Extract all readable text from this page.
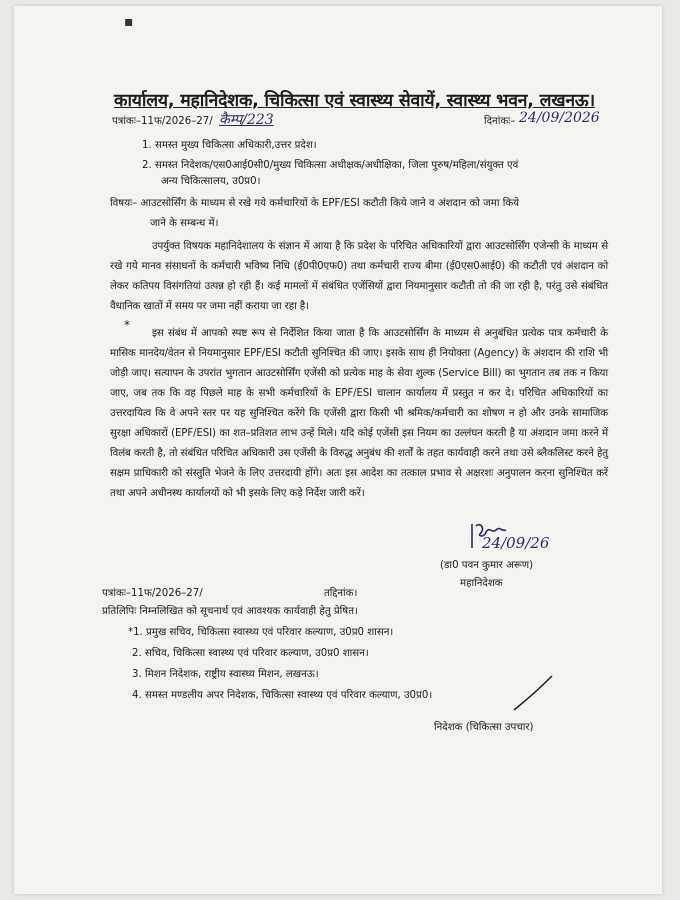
▪
कार्यालय, महानिदेशक, चिकित्सा एवं स्वास्थ्य सेवायें, स्वास्थ्य भवन, लखनऊ।
पत्रांकः–11फ/2026–27/ कैम्प/223	दिनांकः– 24/09/2026
1. समस्त मुख्य चिकित्सा अधिकारी,उत्तर प्रदेश।
2. समस्त निदेशक/एस0आई0सी0/मुख्य चिकित्सा अधीक्षक/अधीक्षिका, जिला पुरुष/महिला/संयुक्त एवं
अन्य चिकित्सालय, उ0प्र0।
विषयः– आउटसोर्सिंग के माध्यम से रखे गये कर्मचारियों के EPF/ESI कटौती किये जाने व अंशदान को जमा किये
जाने के सम्बन्ध में।
उपर्युक्त विषयक महानिदेशालय के संज्ञान में आया है कि प्रदेश के परिचित अधिकारियों द्वारा आउटसोर्सिंग एजेन्सी के माध्यम से रखे गये मानव संसाधनों के कर्मचारी भविष्य निधि (ई0पी0एफ0) तथा कर्मचारी राज्य बीमा (ई0एस0आई0) की कटौती एवं अंशदान को लेकर कतिपय विसंगतियां उत्पन्न हो रही हैं। कई मामलों में संबंधित एजेंसियों द्वारा नियमानुसार कटौती तो की जा रही है, परंतु उसे संबंधित वैधानिक खातों में समय पर जमा नहीं कराया जा रहा है।
*
इस संबंध में आपको स्पष्ट रूप से निर्देशित किया जाता है कि आउटसोर्सिंग के माध्यम से अनुबंधित प्रत्येक पात्र कर्मचारी के मासिक मानदेय/वेतन से नियमानुसार EPF/ESI कटौती सुनिश्चित की जाए। इसके साथ ही नियोक्ता (Agency) के अंशदान की राशि भी जोड़ी जाए। सत्यापन के उपरांत भुगतान आउटसोर्सिंग एजेंसी को प्रत्येक माह के सेवा शुल्क (Service Bill) का भुगतान तब तक न किया जाए, जब तक कि वह पिछले माह के सभी कर्मचारियों के EPF/ESI चालान कार्यालय में प्रस्तुत न कर दे। परिचित अधिकारियों का उत्तरदायित्व कि वे अपने स्तर पर यह सुनिश्चित करेंगे कि एजेंसी द्वारा किसी भी श्रमिक/कर्मचारी का शोषण न हो और उनके सामाजिक सुरक्षा अधिकारों (EPF/ESI) का शत–प्रतिशत लाभ उन्हें मिले। यदि कोई एजेंसी इस नियम का उल्लंघन करती है या अंशदान जमा करने में विलंब करती है, तो संबंधित परिचित अधिकारी उस एजेंसी के विरुद्ध अनुबंध की शर्तों के तहत कार्यवाही करने तथा उसे ब्लैकलिस्ट करने हेतु सक्षम प्राधिकारी को संस्तुति भेजने के लिए उत्तरदायी होंगे। अतः इस आदेश का तत्काल प्रभाव से अक्षरशः अनुपालन करना सुनिश्चित करें तथा अपने अधीनस्थ कार्यालयों को भी इसके लिए कड़े निर्देश जारी करें।
24/09/26
(डा0 पवन कुमार अरूण)
महानिदेशक
पत्रांकः–11फ/2026–27/	तद्दिनांक।
प्रतिलिपिः निम्नलिखित को सूचनार्थ एवं आवश्यक कार्यवाही हेतु प्रेषित।
*1. प्रमुख सचिव, चिकित्सा स्वास्थ्य एवं परिवार कल्याण, उ0प्र0 शासन।
2. सचिव, चिकित्सा स्वास्थ्य एवं परिवार कल्याण, उ0प्र0 शासन।
3. मिशन निदेशक, राष्ट्रीय स्वास्थ्य मिशन, लखनऊ।
4. समस्त मण्डलीय अपर निदेशक, चिकित्सा स्वास्थ्य एवं परिवार कल्याण, उ0प्र0।
निदेशक (चिकित्सा उपचार)
